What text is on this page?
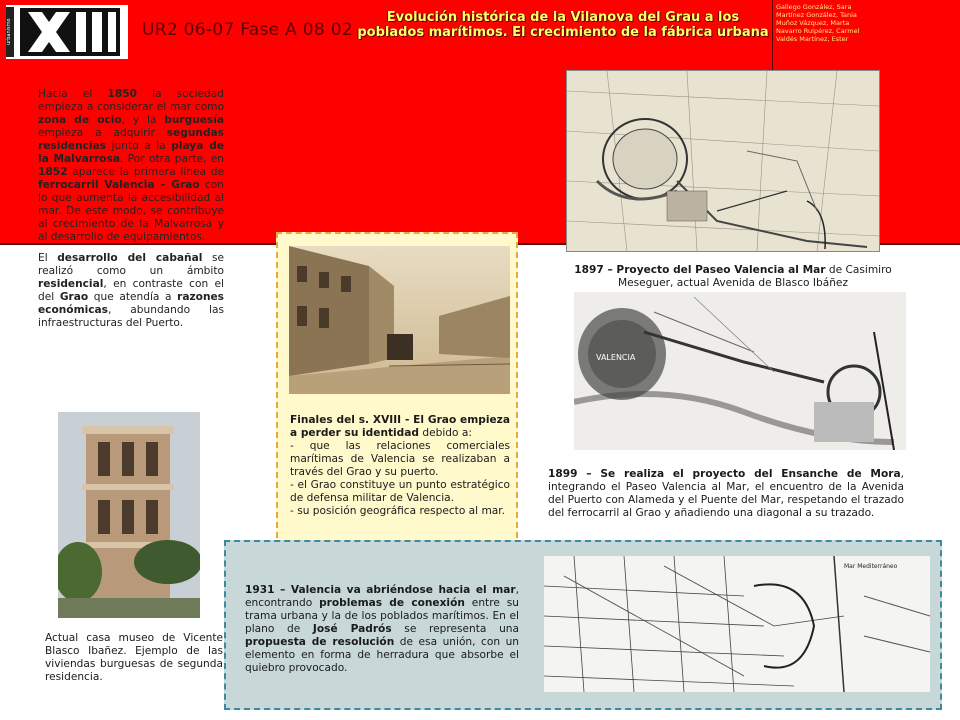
urbanismo	UR2 06-07 Fase A 08 02
Evolución histórica de la Vilanova del Grau a los
poblados marítimos. El crecimiento de la fábrica urbana
Gallego González, Sara
Martínez González, Tania
Muñoz Vázquez, Marta
Navarro Ruipérez, Carmel
Valdés Martínez, Ester

Hacia el 1850 la sociedad empieza a considerar el mar como zona de ocio, y la burguesía empieza a adquirir segundas residencias junto a la playa de la Malvarrosa. Por otra parte, en 1852 aparece la primera línea de ferrocarril Valencia – Grao con lo que aumenta la accesibilidad al mar. De este modo, se contribuye al crecimiento de la Malvarrosa y al desarrollo de equipamientos.

El desarrollo del cabañal se realizó como un ámbito residencial, en contraste con el del Grao que atendía a razones económicas, abundando las infraestructuras del Puerto.

Finales del s. XVIII - El Grao empieza a perder su identidad debido a:

- que las relaciones comerciales marítimas de Valencia se realizaban a través del Grao y su puerto.

- el Grao constituye un punto estratégico de defensa militar de Valencia.

- su posición geográfica respecto al mar.

Actual casa museo de Vicente Blasco Ibañez. Ejemplo de las viviendas burguesas de segunda residencia.
1897 – Proyecto del Paseo Valencia al Mar de Casimiro Meseguer, actual Avenida de Blasco Ibáñez
VALENCIA
1899 – Se realiza el proyecto del Ensanche de Mora, integrando el Paseo Valencia al Mar, el encuentro de la Avenida del Puerto con Alameda y el Puente del Mar, respetando el trazado del ferrocarril al Grao y añadiendo una diagonal a su trazado.
1931 – Valencia va abriéndose hacia el mar, encontrando problemas de conexión entre su trama urbana y la de los poblados marítimos. En el plano de José Padrós se representa una propuesta de resolución de esa unión, con un elemento en forma de herradura que absorbe el quiebro provocado.
Mar Mediterráneo
